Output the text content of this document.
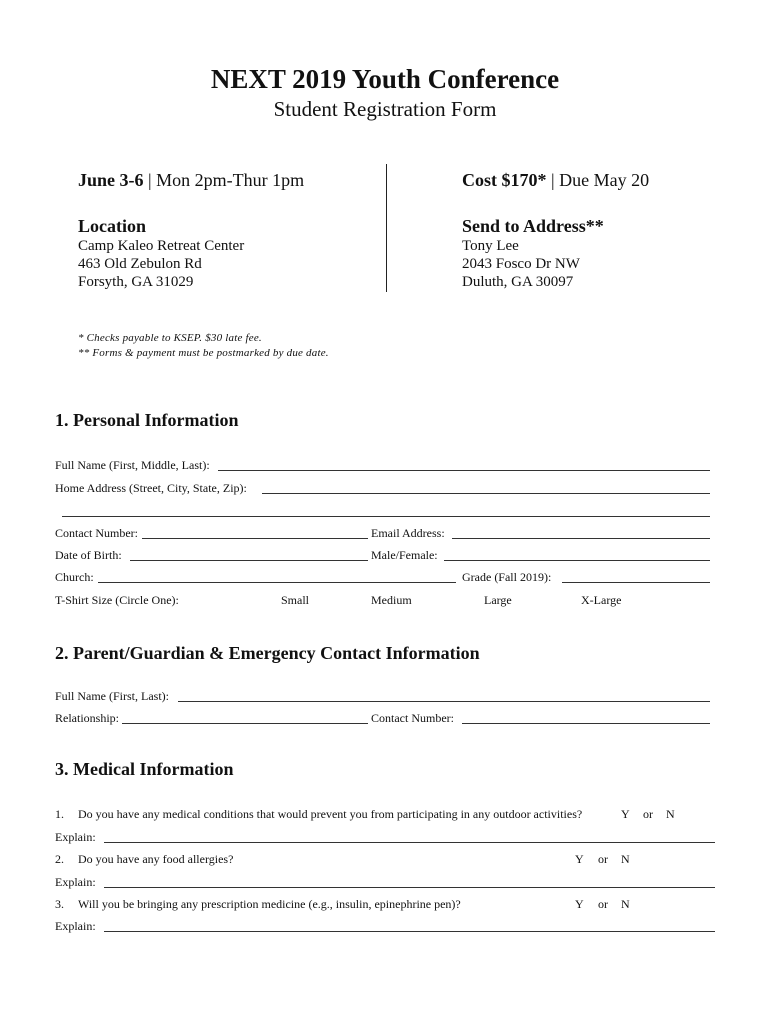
NEXT 2019 Youth Conference
Student Registration Form
June 3-6 | Mon 2pm-Thur 1pm	Cost $170* | Due May 20
Location
Camp Kaleo Retreat Center
463 Old Zebulon Rd
Forsyth, GA 31029
Send to Address**
Tony Lee
2043 Fosco Dr NW
Duluth, GA 30097
* Checks payable to KSEP. $30 late fee.
** Forms & payment must be postmarked by due date.
1. Personal Information
Full Name (First, Middle, Last):
Home Address (Street, City, State, Zip):
Contact Number:	Email Address:
Date of Birth:	Male/Female:
Church:	Grade (Fall 2019):
T-Shirt Size (Circle One):	Small	Medium	Large	X-Large
2. Parent/Guardian & Emergency Contact Information
Full Name (First, Last):
Relationship:	Contact Number:
3. Medical Information
1. Do you have any medical conditions that would prevent you from participating in any outdoor activities?	Y or N
Explain:
2. Do you have any food allergies?	Y or N
Explain:
3. Will you be bringing any prescription medicine (e.g., insulin, epinephrine pen)?	Y or N
Explain:
